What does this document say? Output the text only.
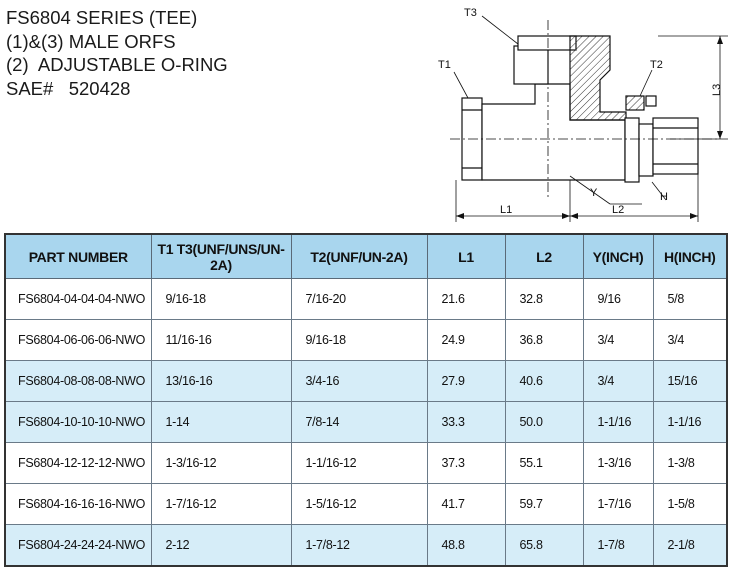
FS6804 SERIES (TEE)
(1)&(3) MALE ORFS
(2)  ADJUSTABLE O-RING
SAE#   520428
T3
T1	T2
L3
L1	L2
Y	H
PART NUMBER	T1 T3(UNF/UNS/UN-2A)	T2(UNF/UN-2A)	L1	L2	Y(INCH)	H(INCH)
FS6804-04-04-04-NWO	9/16-18	7/16-20	21.6	32.8	9/16	5/8
FS6804-06-06-06-NWO	11/16-16	9/16-18	24.9	36.8	3/4	3/4
FS6804-08-08-08-NWO	13/16-16	3/4-16	27.9	40.6	3/4	15/16
FS6804-10-10-10-NWO	1-14	7/8-14	33.3	50.0	1-1/16	1-1/16
FS6804-12-12-12-NWO	1-3/16-12	1-1/16-12	37.3	55.1	1-3/16	1-3/8
FS6804-16-16-16-NWO	1-7/16-12	1-5/16-12	41.7	59.7	1-7/16	1-5/8
FS6804-24-24-24-NWO	2-12	1-7/8-12	48.8	65.8	1-7/8	2-1/8
